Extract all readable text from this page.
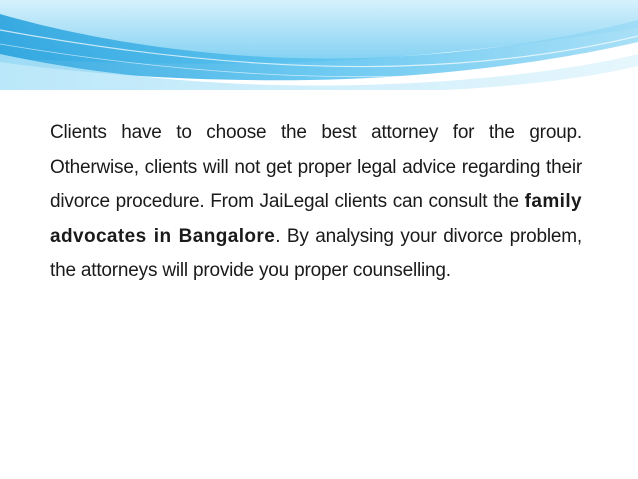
Clients have to choose the best attorney for the group. Otherwise, clients will not get proper legal advice regarding their divorce procedure. From JaiLegal clients can consult the family advocates in Bangalore. By analysing your divorce problem, the attorneys will provide you proper counselling.
